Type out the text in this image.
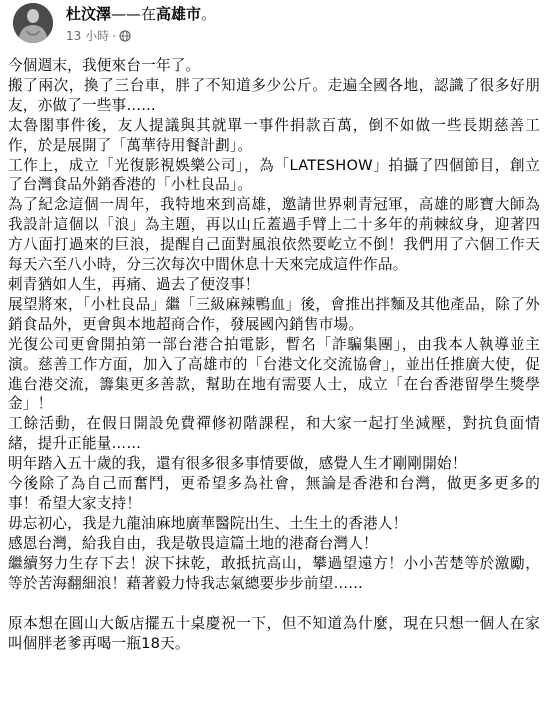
杜汶澤——在高雄市。
13 小時 ·

今個週末，我便來台一年了。

搬了兩次，換了三台車，胖了不知道多少公斤。走遍全國各地，認識了很多好朋友，亦做了一些事……

太魯閣事件後，友人提議與其就單一事件捐款百萬，倒不如做一些長期慈善工作，於是展開了「萬華待用餐計劃」。

工作上，成立「光復影視娛樂公司」，為「LATESHOW」拍攝了四個節目，創立了台灣食品外銷香港的「小杜良品」。

為了紀念這個一周年，我特地來到高雄，邀請世界刺青冠軍，高雄的彫寶大師為我設計這個以「浪」為主題，再以山丘蓋過手臂上二十多年的荊棘紋身，迎著四方八面打過來的巨浪，提醒自己面對風浪依然要屹立不倒！我們用了六個工作天每天六至八小時，分三次每次中間休息十天來完成這件作品。

刺青猶如人生，再痛、過去了便沒事！

展望將來，「小杜良品」繼「三級麻辣鴨血」後，會推出拌麵及其他產品，除了外銷食品外，更會與本地超商合作，發展國內銷售市場。

光復公司更會開拍第一部台港合拍電影，暫名「詐騙集團」，由我本人執導並主演。慈善工作方面，加入了高雄市的「台港文化交流協會」，並出任推廣大使，促進台港交流，籌集更多善款，幫助在地有需要人士，成立「在台香港留學生獎學金」！

工餘活動，在假日開設免費禪修初階課程，和大家一起打坐減壓，對抗負面情緒，提升正能量……

明年踏入五十歲的我，還有很多很多事情要做，感覺人生才剛剛開始！

今後除了為自己而奮鬥，更希望多為社會，無論是香港和台灣，做更多更多的事！希望大家支持！

毋忘初心，我是九龍油麻地廣華醫院出生、土生土的香港人！

感恩台灣，給我自由，我是敬畏這篇土地的港裔台灣人！

繼續努力生存下去！淚下抹乾，敢抵抗高山，攀過望遠方！小小苦楚等於激勵，等於苦海翻細浪！藉著毅力恃我志氣總要步步前望……

原本想在圓山大飯店擺五十桌慶祝一下，但不知道為什麼，現在只想一個人在家叫個胖老爹再喝一瓶18天。
